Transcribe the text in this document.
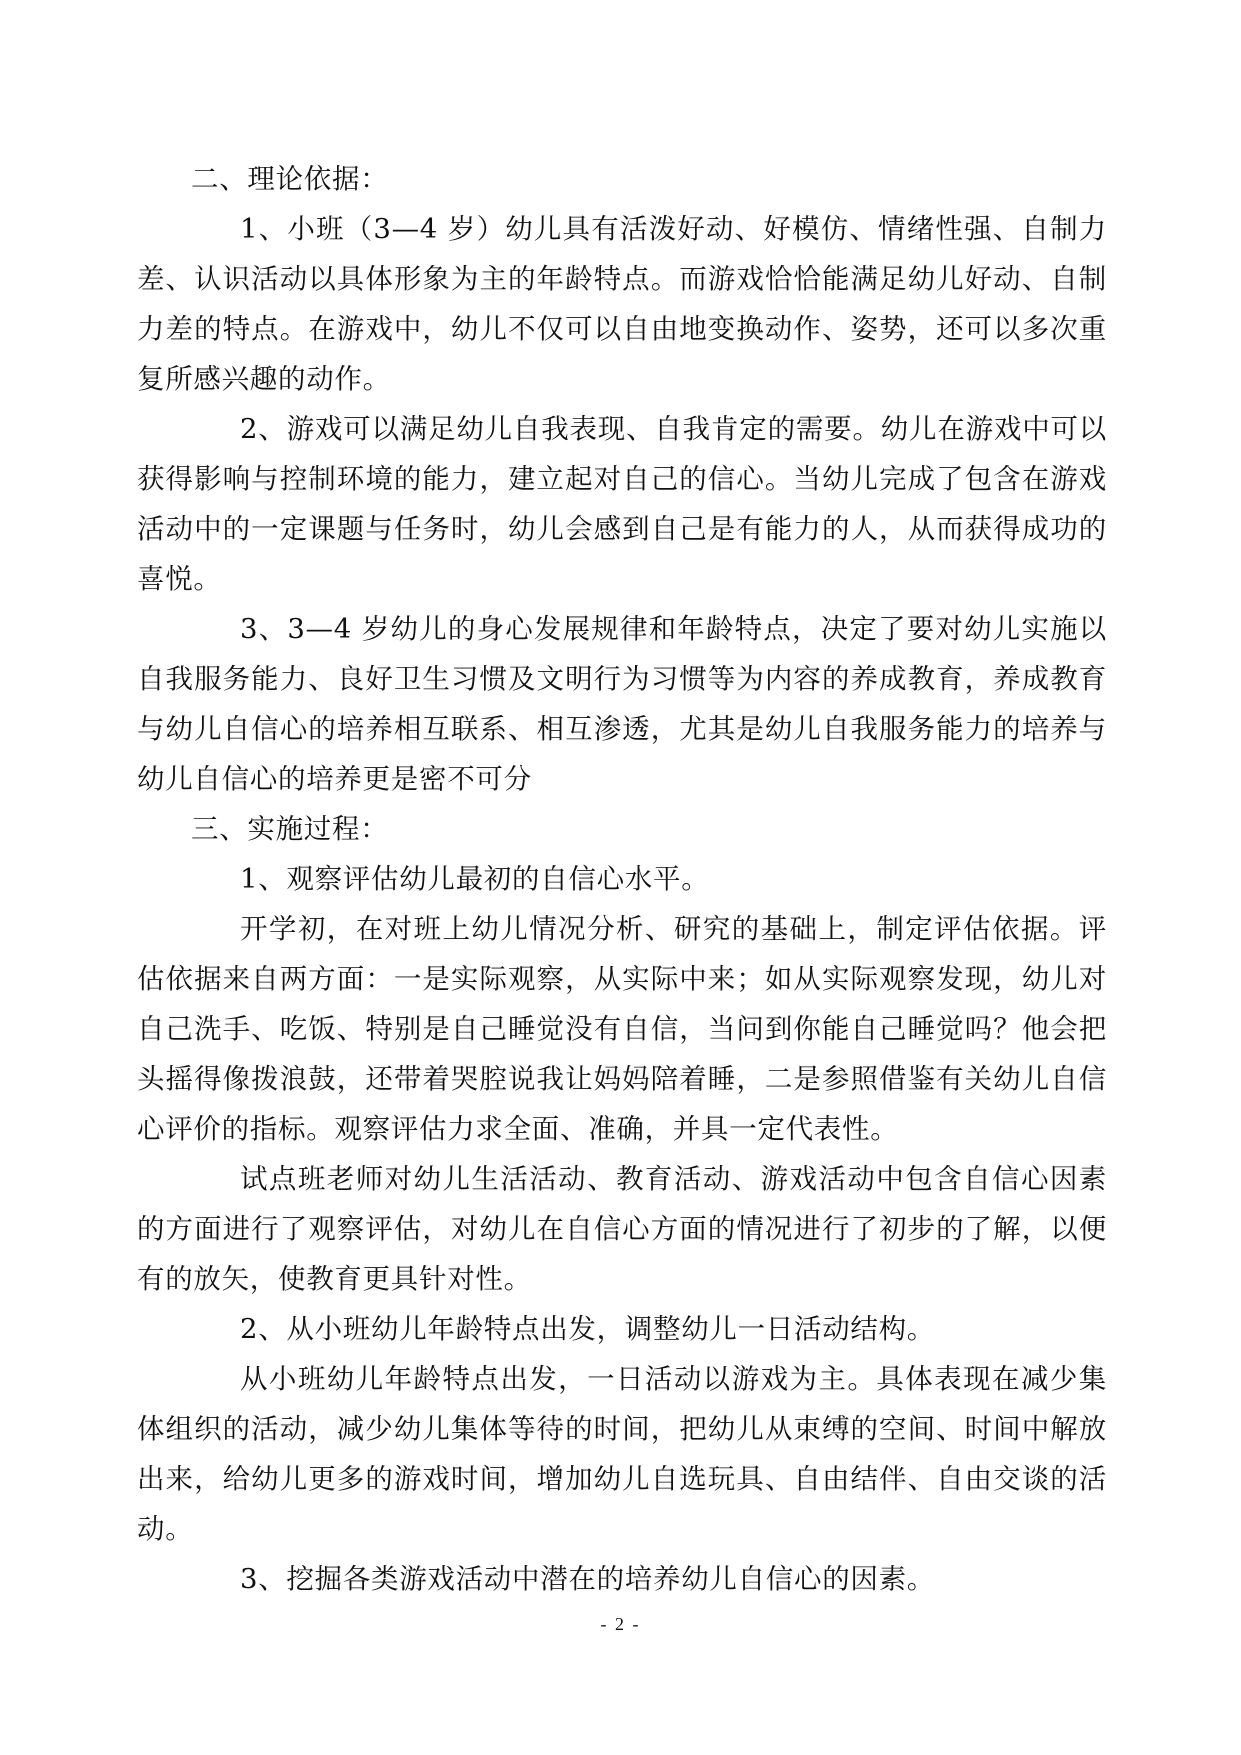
二、理论依据：

1、小班（3—4 岁）幼儿具有活泼好动、好模仿、情绪性强、自制力差、认识活动以具体形象为主的年龄特点。而游戏恰恰能满足幼儿好动、自制力差的特点。在游戏中，幼儿不仅可以自由地变换动作、姿势，还可以多次重复所感兴趣的动作。

2、游戏可以满足幼儿自我表现、自我肯定的需要。幼儿在游戏中可以获得影响与控制环境的能力，建立起对自己的信心。当幼儿完成了包含在游戏活动中的一定课题与任务时，幼儿会感到自己是有能力的人，从而获得成功的喜悦。

3、3—4 岁幼儿的身心发展规律和年龄特点，决定了要对幼儿实施以自我服务能力、良好卫生习惯及文明行为习惯等为内容的养成教育，养成教育与幼儿自信心的培养相互联系、相互渗透，尤其是幼儿自我服务能力的培养与幼儿自信心的培养更是密不可分

三、实施过程：

1、观察评估幼儿最初的自信心水平。

开学初，在对班上幼儿情况分析、研究的基础上，制定评估依据。评估依据来自两方面：一是实际观察，从实际中来；如从实际观察发现，幼儿对自己洗手、吃饭、特别是自己睡觉没有自信，当问到你能自己睡觉吗？他会把头摇得像拨浪鼓，还带着哭腔说我让妈妈陪着睡，二是参照借鉴有关幼儿自信心评价的指标。观察评估力求全面、准确，并具一定代表性。

试点班老师对幼儿生活活动、教育活动、游戏活动中包含自信心因素的方面进行了观察评估，对幼儿在自信心方面的情况进行了初步的了解，以便有的放矢，使教育更具针对性。

2、从小班幼儿年龄特点出发，调整幼儿一日活动结构。

从小班幼儿年龄特点出发，一日活动以游戏为主。具体表现在减少集体组织的活动，减少幼儿集体等待的时间，把幼儿从束缚的空间、时间中解放出来，给幼儿更多的游戏时间，增加幼儿自选玩具、自由结伴、自由交谈的活动。

3、挖掘各类游戏活动中潜在的培养幼儿自信心的因素。

- 2 -
